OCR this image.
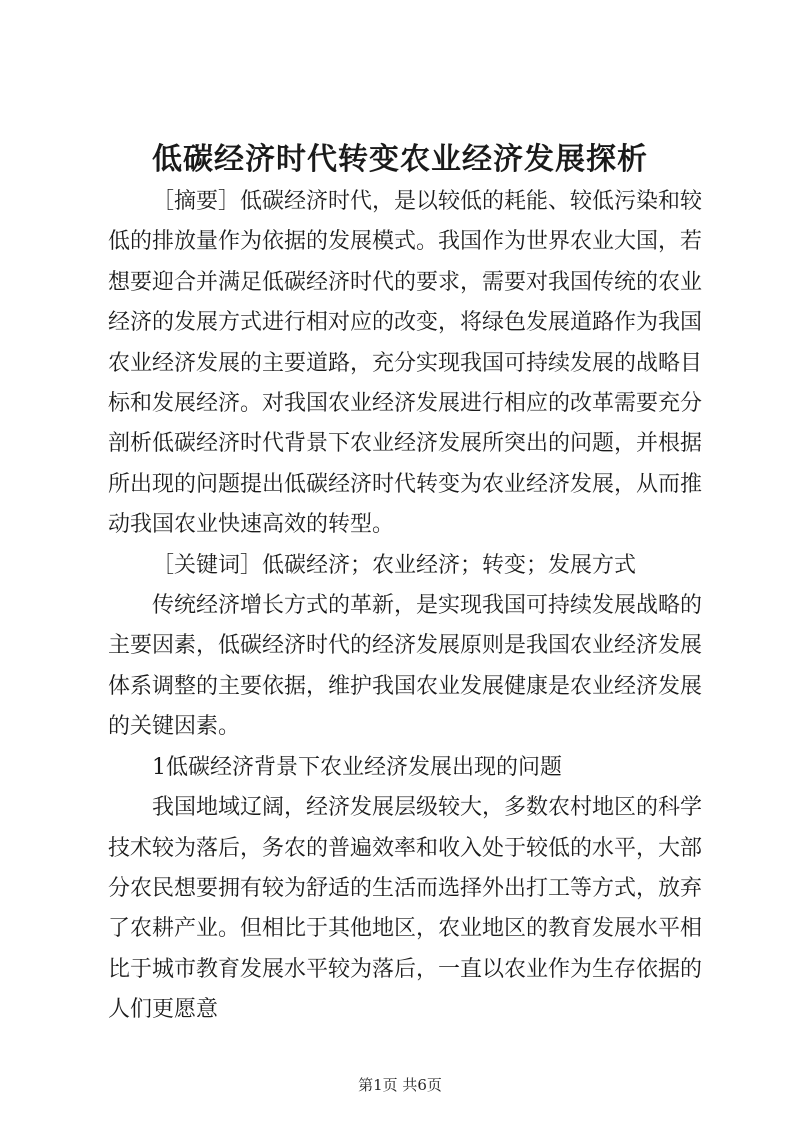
低碳经济时代转变农业经济发展探析

［摘要］低碳经济时代，是以较低的耗能、较低污染和较低的排放量作为依据的发展模式。我国作为世界农业大国，若想要迎合并满足低碳经济时代的要求，需要对我国传统的农业经济的发展方式进行相对应的改变，将绿色发展道路作为我国农业经济发展的主要道路，充分实现我国可持续发展的战略目标和发展经济。对我国农业经济发展进行相应的改革需要充分剖析低碳经济时代背景下农业经济发展所突出的问题，并根据所出现的问题提出低碳经济时代转变为农业经济发展，从而推动我国农业快速高效的转型。

［关键词］低碳经济；农业经济；转变；发展方式

传统经济增长方式的革新，是实现我国可持续发展战略的主要因素，低碳经济时代的经济发展原则是我国农业经济发展体系调整的主要依据，维护我国农业发展健康是农业经济发展的关键因素。

1低碳经济背景下农业经济发展出现的问题

我国地域辽阔，经济发展层级较大，多数农村地区的科学技术较为落后，务农的普遍效率和收入处于较低的水平，大部分农民想要拥有较为舒适的生活而选择外出打工等方式，放弃了农耕产业。但相比于其他地区，农业地区的教育发展水平相比于城市教育发展水平较为落后，一直以农业作为生存依据的人们更愿意

第1页 共6页
